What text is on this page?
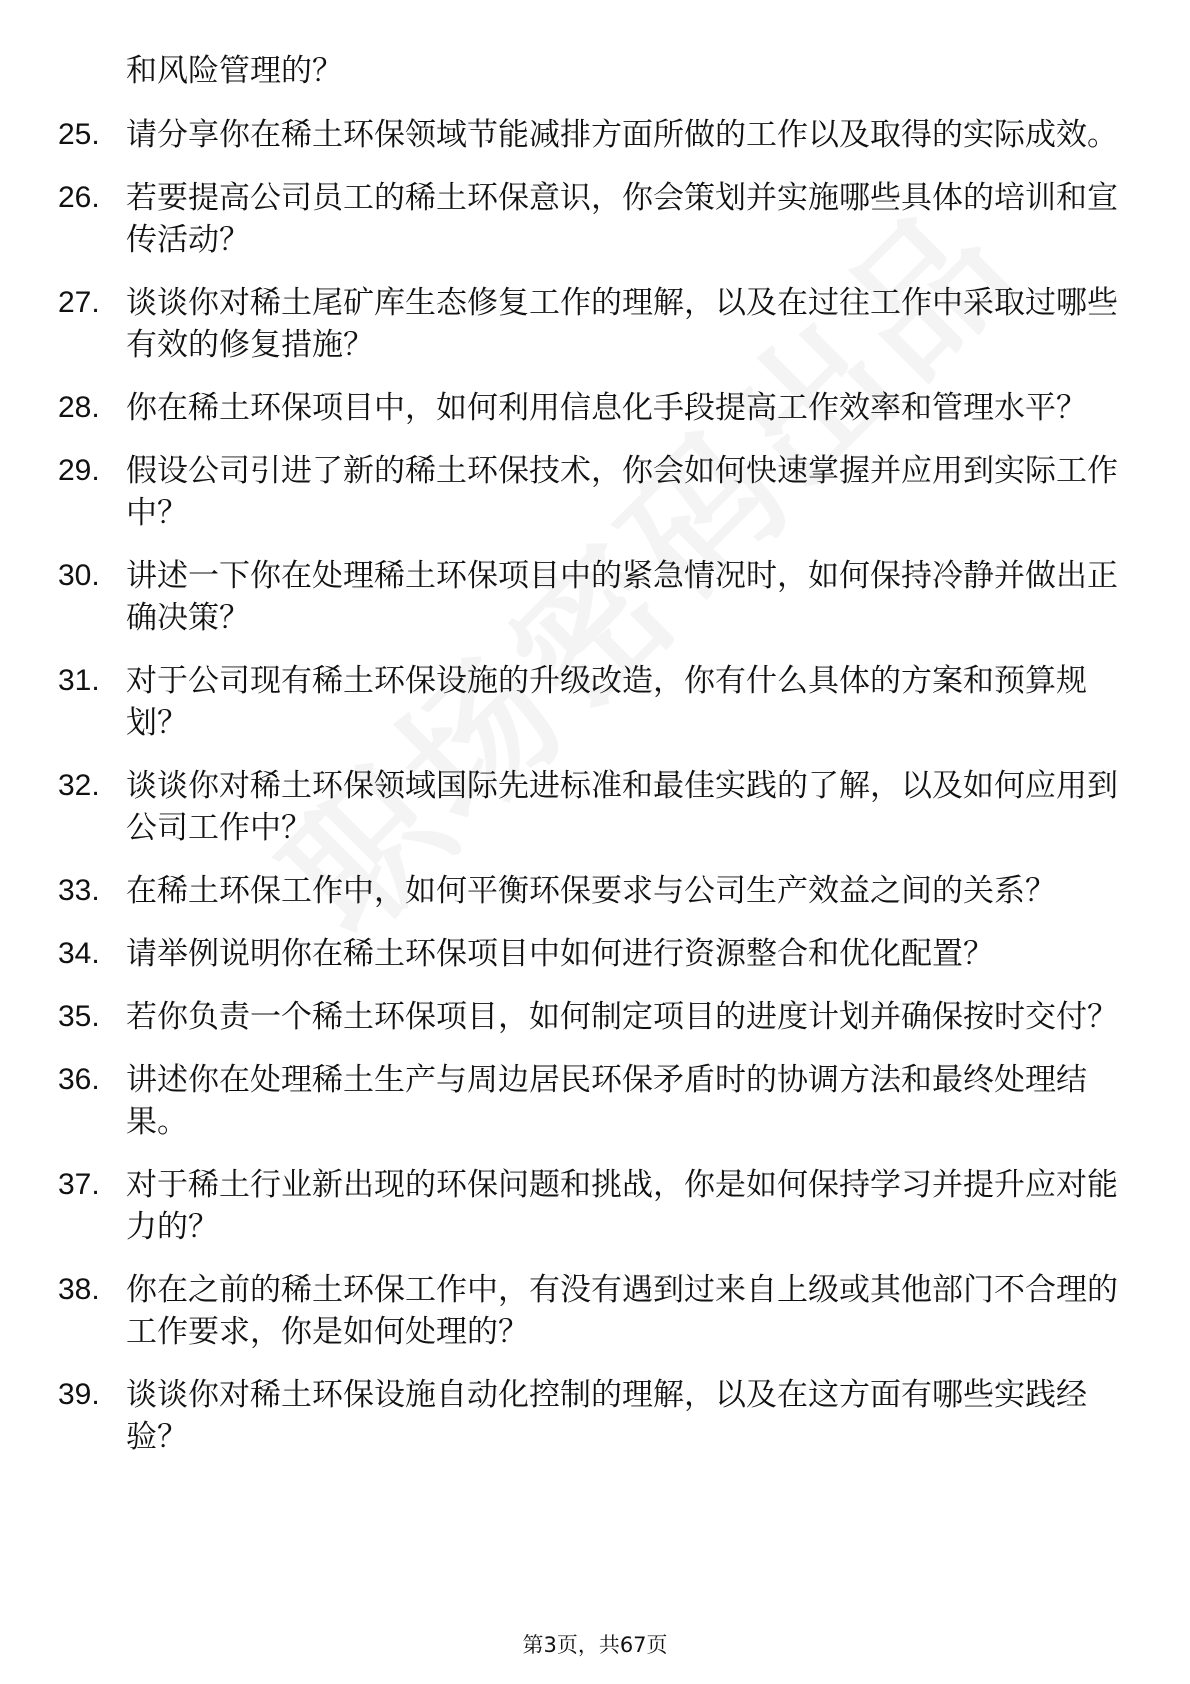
和风险管理的？
25. 请分享你在稀土环保领域节能减排方面所做的工作以及取得的实际成效。
26. 若要提高公司员工的稀土环保意识，你会策划并实施哪些具体的培训和宣传活动？
27. 谈谈你对稀土尾矿库生态修复工作的理解，以及在过往工作中采取过哪些有效的修复措施？
28. 你在稀土环保项目中，如何利用信息化手段提高工作效率和管理水平？
29. 假设公司引进了新的稀土环保技术，你会如何快速掌握并应用到实际工作中？
30. 讲述一下你在处理稀土环保项目中的紧急情况时，如何保持冷静并做出正确决策？
31. 对于公司现有稀土环保设施的升级改造，你有什么具体的方案和预算规划？
32. 谈谈你对稀土环保领域国际先进标准和最佳实践的了解，以及如何应用到公司工作中？
33. 在稀土环保工作中，如何平衡环保要求与公司生产效益之间的关系？
34. 请举例说明你在稀土环保项目中如何进行资源整合和优化配置？
35. 若你负责一个稀土环保项目，如何制定项目的进度计划并确保按时交付？
36. 讲述你在处理稀土生产与周边居民环保矛盾时的协调方法和最终处理结果。
37. 对于稀土行业新出现的环保问题和挑战，你是如何保持学习并提升应对能力的？
38. 你在之前的稀土环保工作中，有没有遇到过来自上级或其他部门不合理的工作要求，你是如何处理的？
39. 谈谈你对稀土环保设施自动化控制的理解，以及在这方面有哪些实践经验？
第3页，共67页
